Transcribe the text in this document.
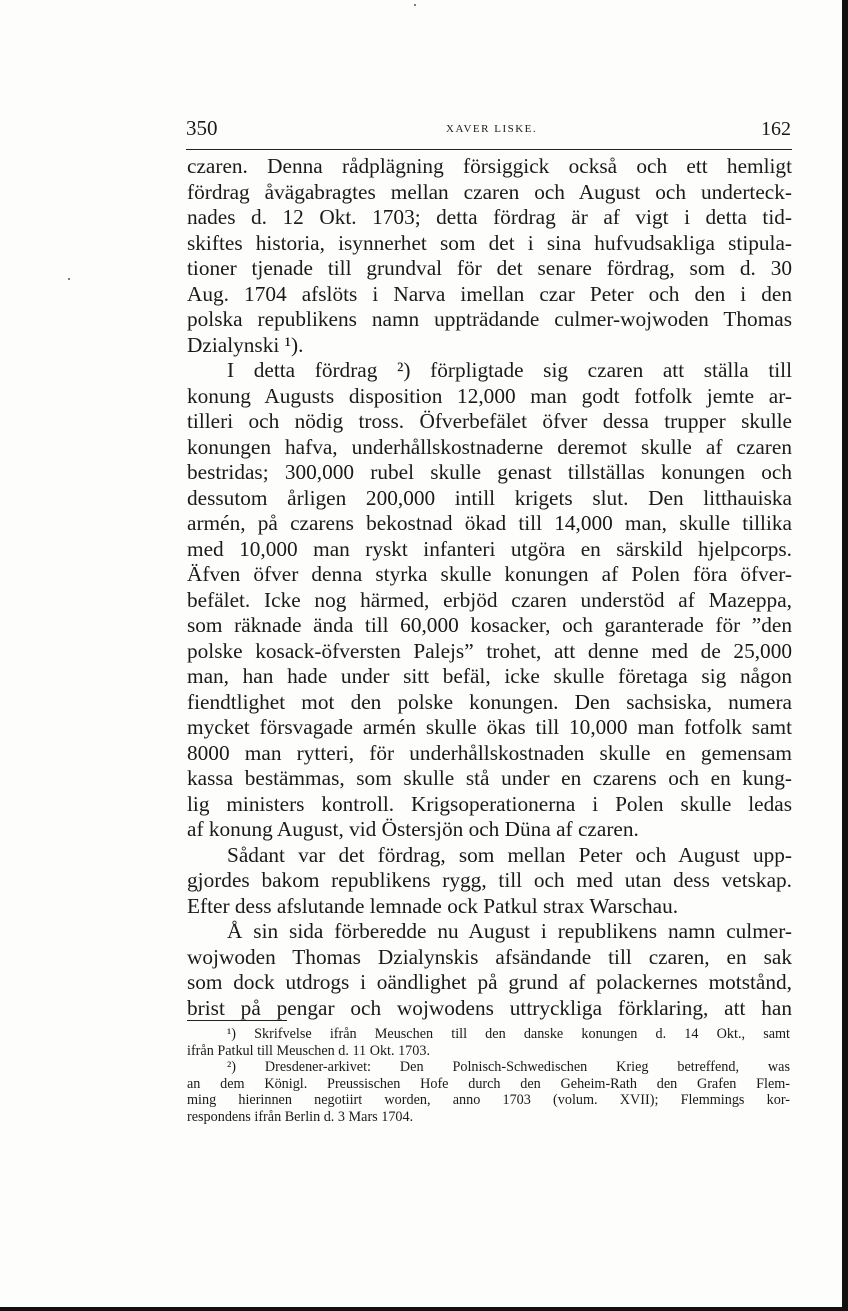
350	XAVER LISKE.	162
czaren. Denna rådplägning försiggick också och ett hemligt
fördrag åvägabragtes mellan czaren och August och underteck-
nades d. 12 Okt. 1703; detta fördrag är af vigt i detta tid-
skiftes historia, isynnerhet som det i sina hufvudsakliga stipula-
tioner tjenade till grundval för det senare fördrag, som d. 30
Aug. 1704 afslöts i Narva imellan czar Peter och den i den
polska republikens namn uppträdande culmer-wojwoden Thomas
Dzialynski ¹).
I detta fördrag ²) förpligtade sig czaren att ställa till
konung Augusts disposition 12,000 man godt fotfolk jemte ar-
tilleri och nödig tross. Öfverbefälet öfver dessa trupper skulle
konungen hafva, underhållskostnaderne deremot skulle af czaren
bestridas; 300,000 rubel skulle genast tillställas konungen och
dessutom årligen 200,000 intill krigets slut. Den litthauiska
armén, på czarens bekostnad ökad till 14,000 man, skulle tillika
med 10,000 man ryskt infanteri utgöra en särskild hjelpcorps.
Äfven öfver denna styrka skulle konungen af Polen föra öfver-
befälet. Icke nog härmed, erbjöd czaren understöd af Mazeppa,
som räknade ända till 60,000 kosacker, och garanterade för ”den
polske kosack-öfversten Palejs” trohet, att denne med de 25,000
man, han hade under sitt befäl, icke skulle företaga sig någon
fiendtlighet mot den polske konungen. Den sachsiska, numera
mycket försvagade armén skulle ökas till 10,000 man fotfolk samt
8000 man rytteri, för underhållskostnaden skulle en gemensam
kassa bestämmas, som skulle stå under en czarens och en kung-
lig ministers kontroll. Krigsoperationerna i Polen skulle ledas
af konung August, vid Östersjön och Düna af czaren.
Sådant var det fördrag, som mellan Peter och August upp-
gjordes bakom republikens rygg, till och med utan dess vetskap.
Efter dess afslutande lemnade ock Patkul strax Warschau.
Å sin sida förberedde nu August i republikens namn culmer-
wojwoden Thomas Dzialynskis afsändande till czaren, en sak
som dock utdrogs i oändlighet på grund af polackernes motstånd,
brist på pengar och wojwodens uttryckliga förklaring, att han
¹) Skrifvelse ifrån Meuschen till den danske konungen d. 14 Okt., samt
ifrån Patkul till Meuschen d. 11 Okt. 1703.
²) Dresdener-arkivet: Den Polnisch-Schwedischen Krieg betreffend, was
an dem Königl. Preussischen Hofe durch den Geheim-Rath den Grafen Flem-
ming hierinnen negotiirt worden, anno 1703 (volum. XVII); Flemmings kor-
respondens ifrån Berlin d. 3 Mars 1704.
